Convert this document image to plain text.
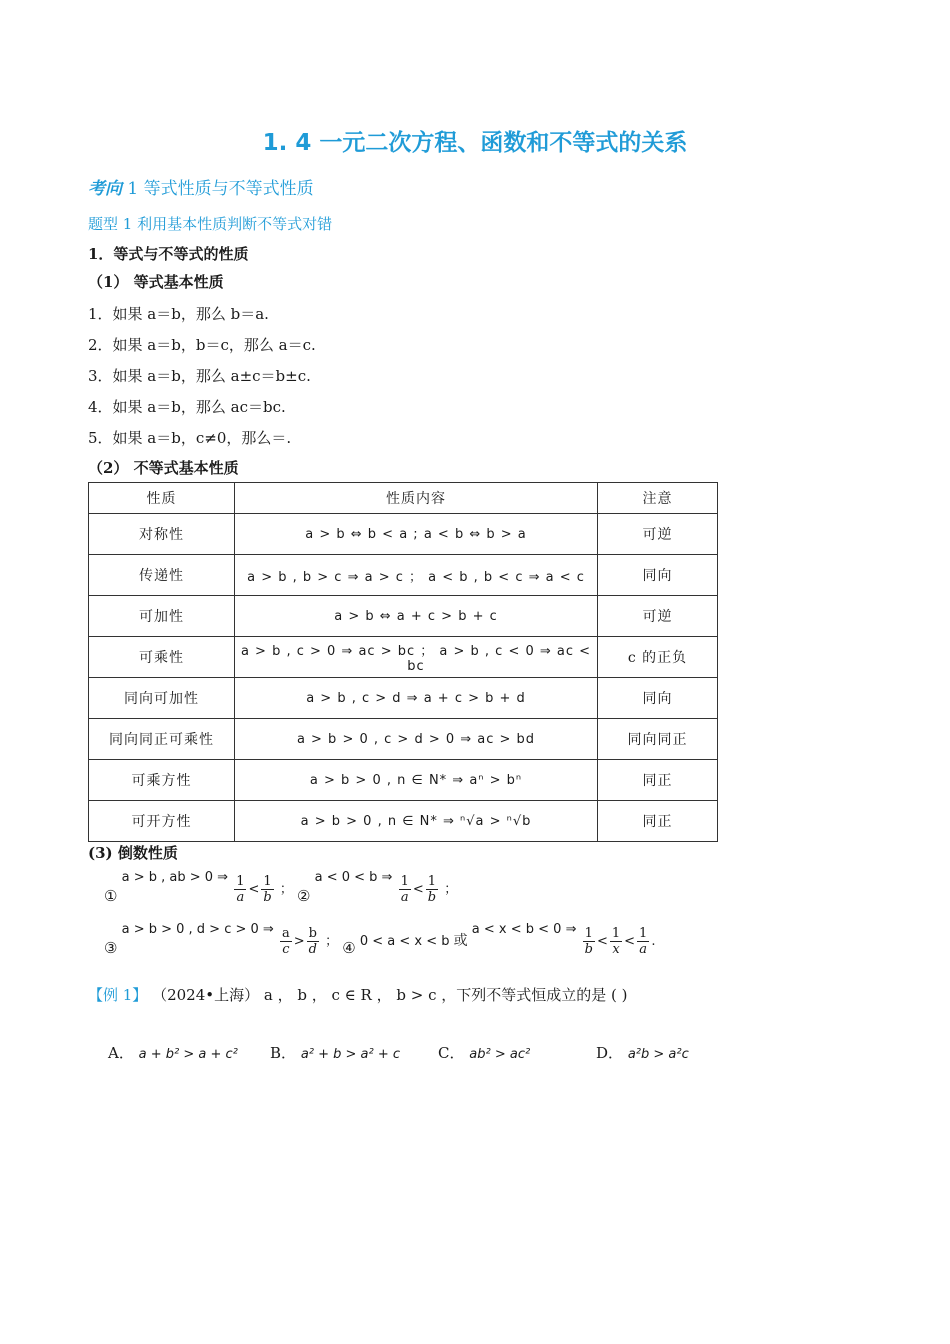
1. 4 一元二次方程、函数和不等式的关系
考向 1 等式性质与不等式性质
题型 1 利用基本性质判断不等式对错
1．等式与不等式的性质
（1） 等式基本性质
1．如果 a＝b，那么 b＝a.
2．如果 a＝b，b＝c，那么 a＝c.
3．如果 a＝b，那么 a±c＝b±c.
4．如果 a＝b，那么 ac＝bc.
5．如果 a＝b，c≠0，那么＝.
（2） 不等式基本性质
性质	性质内容	注意
对称性	a > b ⇔ b < a ; a < b ⇔ b > a	可逆
传递性	a > b , b > c ⇒ a > c ； a < b , b < c ⇒ a < c	同向
可加性	a > b ⇔ a + c > b + c	可逆
可乘性	a > b , c > 0 ⇒ ac > bc ； a > b , c < 0 ⇒ ac < bc	c 的正负
同向可加性	a > b , c > d ⇒ a + c > b + d	同向
同向同正可乘性	a > b > 0 , c > d > 0 ⇒ ac > bd	同向同正
可乘方性	a > b > 0 , n ∈ N* ⇒ aⁿ > bⁿ	同正
可开方性	a > b > 0 , n ∈ N* ⇒ ⁿ√a > ⁿ√b	同正
(3) 倒数性质
① a > b , ab > 0 ⇒ $\frac{1}{a} < \frac{1}{b}$ ； ② a < 0 < b ⇒ $\frac{1}{a} < \frac{1}{b}$ ；
③ a > b > 0 , d > c > 0 ⇒ $\frac{a}{c} > \frac{b}{d}$ ； ④ 0 < a < x < b 或 a < x < b < 0 ⇒ $\frac{1}{b} < \frac{1}{x} < \frac{1}{a}$ .
【例 1】 （2024•上海） a ， b ， c ∈ R ， b > c ，下列不等式恒成立的是 ( )
A． a + b² > a + c² B． a² + b > a² + c	C． ab² > ac²	D． a²b > a²c
